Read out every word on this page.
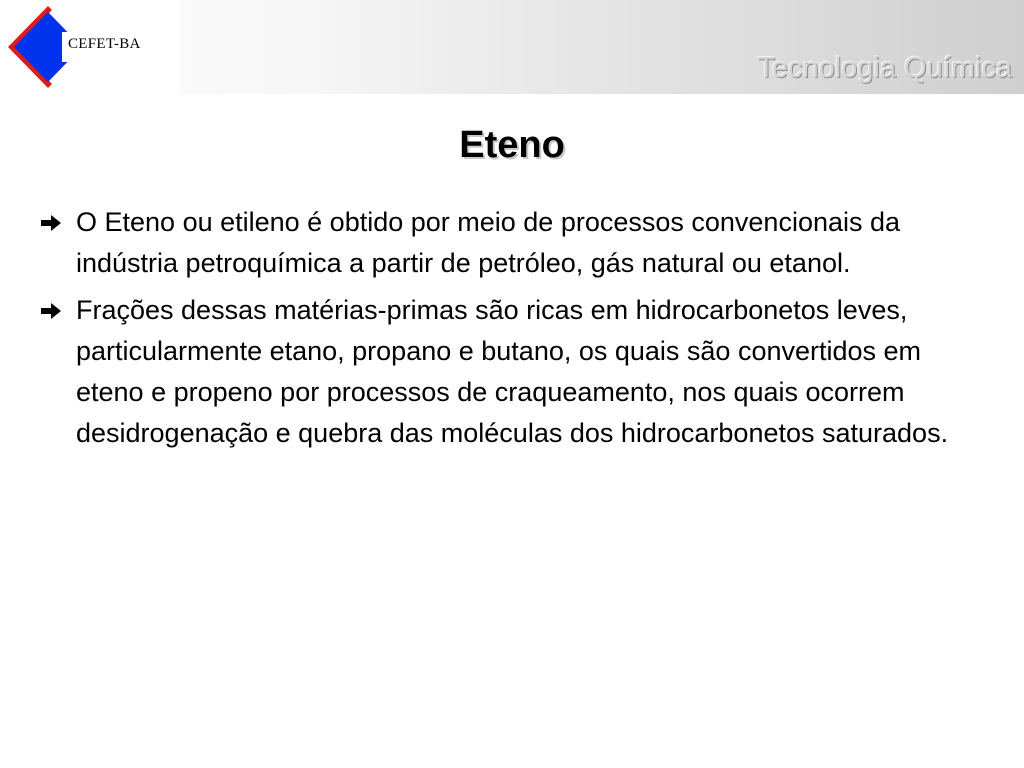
CEFET-BA
Tecnologia Química
Eteno
O Eteno ou etileno é obtido por meio de processos convencionais da indústria petroquímica a partir de petróleo, gás natural ou etanol.
Frações dessas matérias-primas são ricas em hidrocarbonetos leves, particularmente etano, propano e butano, os quais são convertidos em eteno e propeno por processos de craqueamento, nos quais ocorrem desidrogenação e quebra das moléculas dos hidrocarbonetos saturados.
